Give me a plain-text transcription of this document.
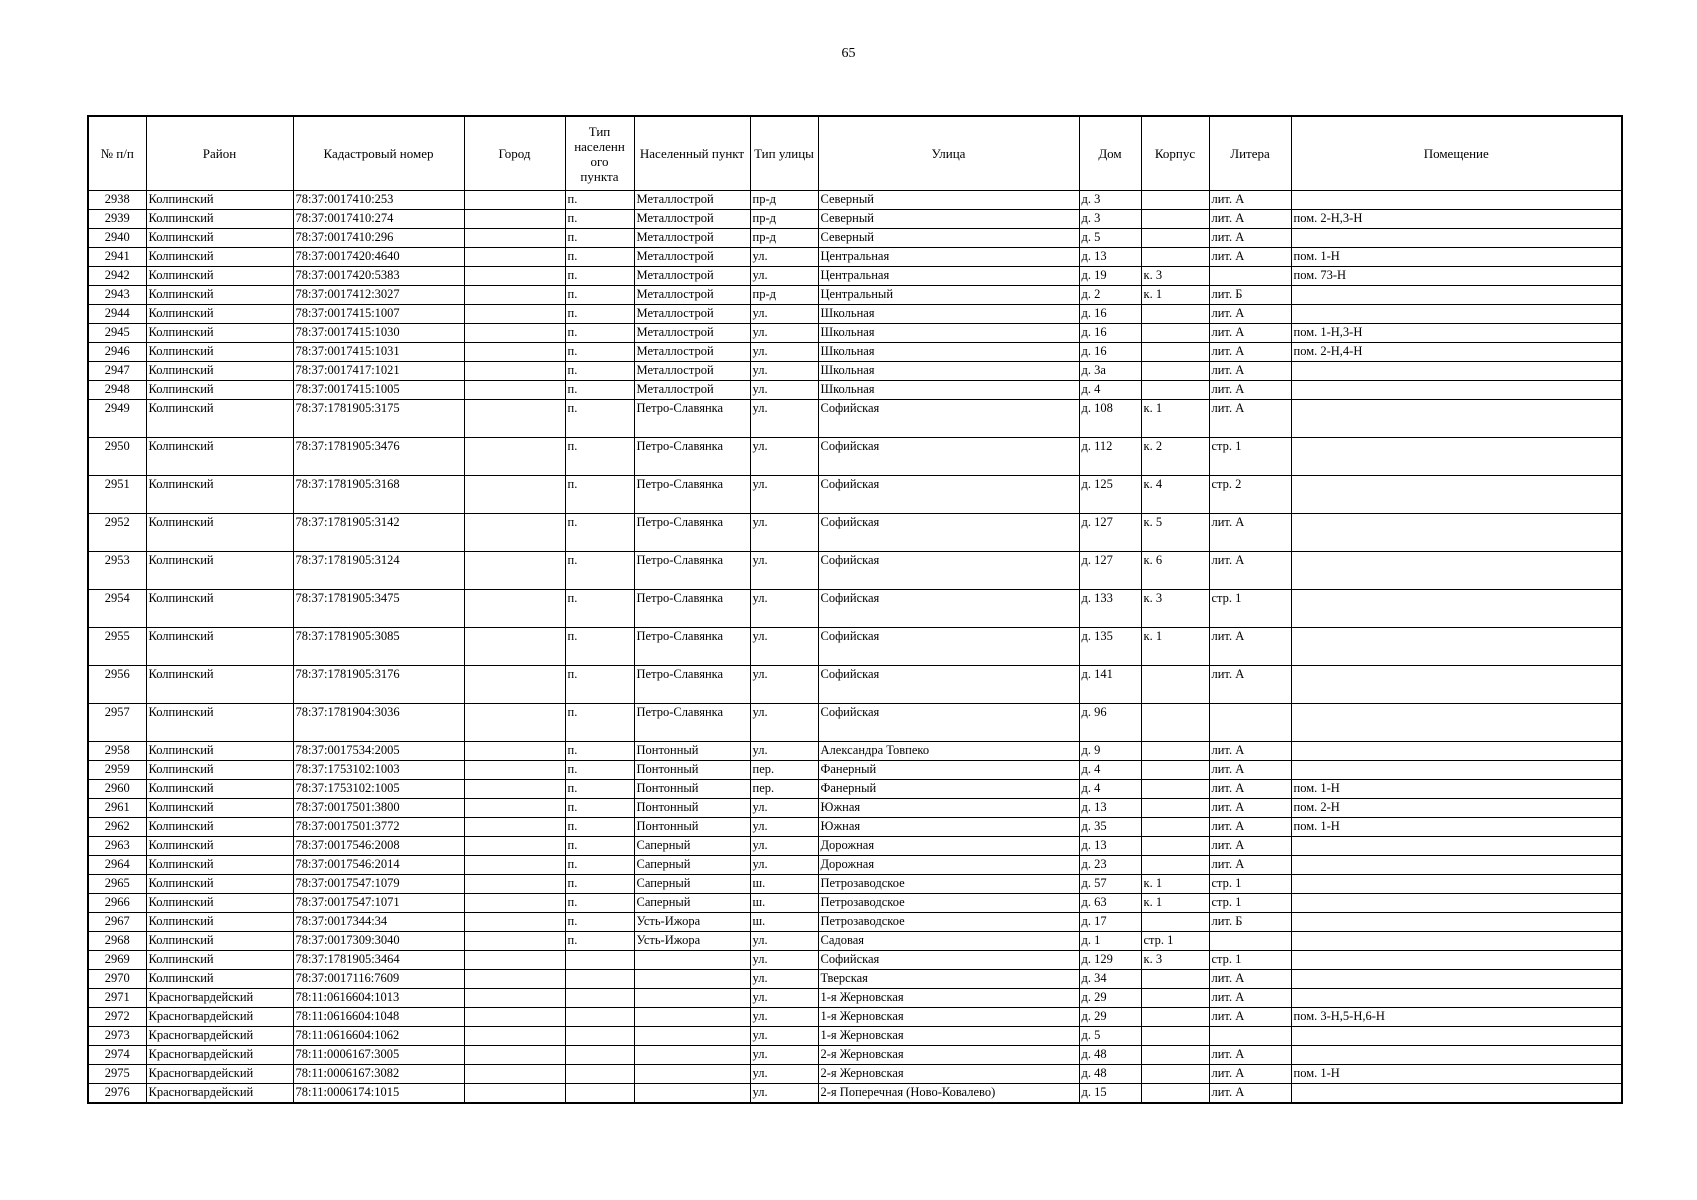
65
№ п/п	Район	Кадастровый номер	Город	Тип
населенн
ого
пункта	Населенный пункт	Тип улицы	Улица	Дом	Корпус	Литера	Помещение
2938	Колпинский	78:37:0017410:253		п.	Металлострой	пр-д	Северный	д. 3		лит. А	
2939	Колпинский	78:37:0017410:274		п.	Металлострой	пр-д	Северный	д. 3		лит. А	пом. 2-Н,3-Н
2940	Колпинский	78:37:0017410:296		п.	Металлострой	пр-д	Северный	д. 5		лит. А	
2941	Колпинский	78:37:0017420:4640		п.	Металлострой	ул.	Центральная	д. 13		лит. А	пом. 1-Н
2942	Колпинский	78:37:0017420:5383		п.	Металлострой	ул.	Центральная	д. 19	к. 3		пом. 73-Н
2943	Колпинский	78:37:0017412:3027		п.	Металлострой	пр-д	Центральный	д. 2	к. 1	лит. Б	
2944	Колпинский	78:37:0017415:1007		п.	Металлострой	ул.	Школьная	д. 16		лит. А	
2945	Колпинский	78:37:0017415:1030		п.	Металлострой	ул.	Школьная	д. 16		лит. А	пом. 1-Н,3-Н
2946	Колпинский	78:37:0017415:1031		п.	Металлострой	ул.	Школьная	д. 16		лит. А	пом. 2-Н,4-Н
2947	Колпинский	78:37:0017417:1021		п.	Металлострой	ул.	Школьная	д. 3а		лит. А	
2948	Колпинский	78:37:0017415:1005		п.	Металлострой	ул.	Школьная	д. 4		лит. А	
2949	Колпинский	78:37:1781905:3175		п.	Петро-Славянка	ул.	Софийская	д. 108	к. 1	лит. А	
2950	Колпинский	78:37:1781905:3476		п.	Петро-Славянка	ул.	Софийская	д. 112	к. 2	стр. 1	
2951	Колпинский	78:37:1781905:3168		п.	Петро-Славянка	ул.	Софийская	д. 125	к. 4	стр. 2	
2952	Колпинский	78:37:1781905:3142		п.	Петро-Славянка	ул.	Софийская	д. 127	к. 5	лит. А	
2953	Колпинский	78:37:1781905:3124		п.	Петро-Славянка	ул.	Софийская	д. 127	к. 6	лит. А	
2954	Колпинский	78:37:1781905:3475		п.	Петро-Славянка	ул.	Софийская	д. 133	к. 3	стр. 1	
2955	Колпинский	78:37:1781905:3085		п.	Петро-Славянка	ул.	Софийская	д. 135	к. 1	лит. А	
2956	Колпинский	78:37:1781905:3176		п.	Петро-Славянка	ул.	Софийская	д. 141		лит. А	
2957	Колпинский	78:37:1781904:3036		п.	Петро-Славянка	ул.	Софийская	д. 96			
2958	Колпинский	78:37:0017534:2005		п.	Понтонный	ул.	Александра Товпеко	д. 9		лит. А	
2959	Колпинский	78:37:1753102:1003		п.	Понтонный	пер.	Фанерный	д. 4		лит. А	
2960	Колпинский	78:37:1753102:1005		п.	Понтонный	пер.	Фанерный	д. 4		лит. А	пом. 1-Н
2961	Колпинский	78:37:0017501:3800		п.	Понтонный	ул.	Южная	д. 13		лит. А	пом. 2-Н
2962	Колпинский	78:37:0017501:3772		п.	Понтонный	ул.	Южная	д. 35		лит. А	пом. 1-Н
2963	Колпинский	78:37:0017546:2008		п.	Саперный	ул.	Дорожная	д. 13		лит. А	
2964	Колпинский	78:37:0017546:2014		п.	Саперный	ул.	Дорожная	д. 23		лит. А	
2965	Колпинский	78:37:0017547:1079		п.	Саперный	ш.	Петрозаводское	д. 57	к. 1	стр. 1	
2966	Колпинский	78:37:0017547:1071		п.	Саперный	ш.	Петрозаводское	д. 63	к. 1	стр. 1	
2967	Колпинский	78:37:0017344:34		п.	Усть-Ижора	ш.	Петрозаводское	д. 17		лит. Б	
2968	Колпинский	78:37:0017309:3040		п.	Усть-Ижора	ул.	Садовая	д. 1	стр. 1		
2969	Колпинский	78:37:1781905:3464				ул.	Софийская	д. 129	к. 3	стр. 1	
2970	Колпинский	78:37:0017116:7609				ул.	Тверская	д. 34		лит. А	
2971	Красногвардейский	78:11:0616604:1013				ул.	1-я Жерновская	д. 29		лит. А	
2972	Красногвардейский	78:11:0616604:1048				ул.	1-я Жерновская	д. 29		лит. А	пом. 3-Н,5-Н,6-Н
2973	Красногвардейский	78:11:0616604:1062				ул.	1-я Жерновская	д. 5			
2974	Красногвардейский	78:11:0006167:3005				ул.	2-я Жерновская	д. 48		лит. А	
2975	Красногвардейский	78:11:0006167:3082				ул.	2-я Жерновская	д. 48		лит. А	пом. 1-Н
2976	Красногвардейский	78:11:0006174:1015				ул.	2-я Поперечная (Ново-Ковалево)	д. 15		лит. А	
